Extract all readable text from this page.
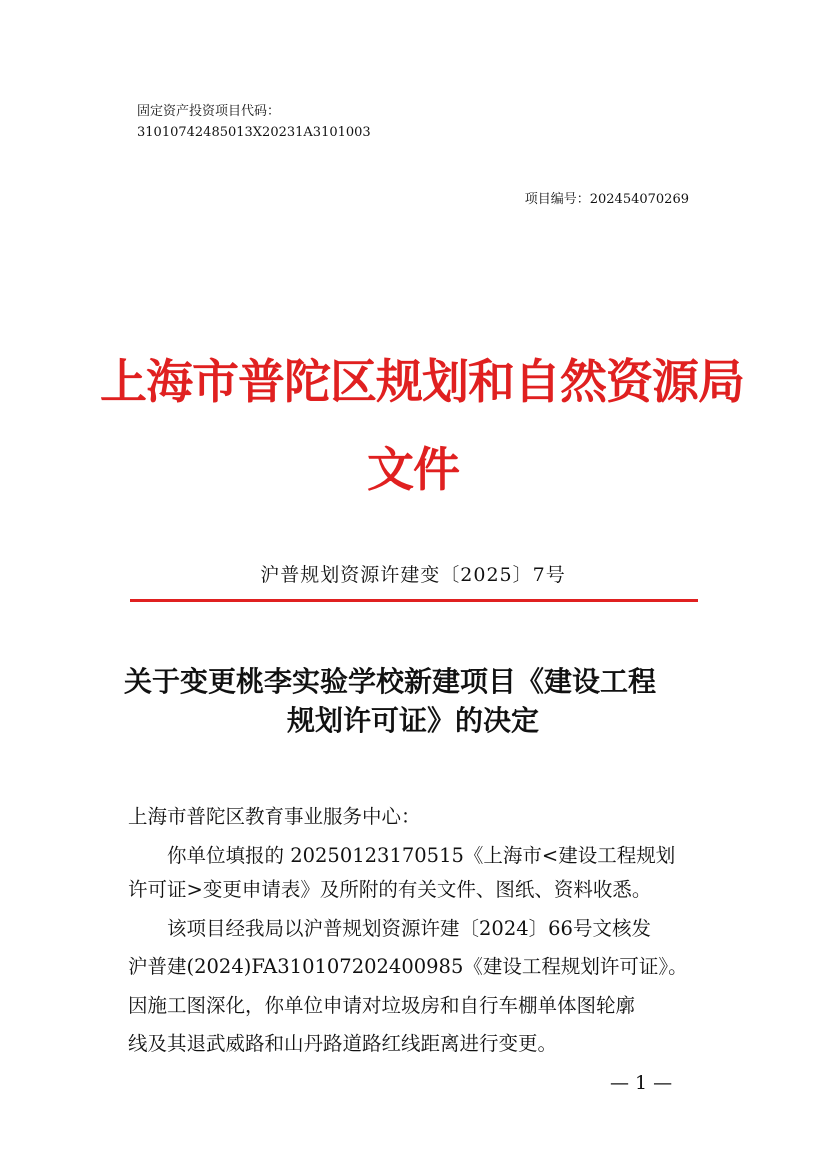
固定资产投资项目代码：
31010742485013X20231A3101003
项目编号：202454070269
上海市普陀区规划和自然资源局
文件
沪普规划资源许建变〔2025〕7号
关于变更桃李实验学校新建项目《建设工程
规划许可证》的决定
上海市普陀区教育事业服务中心：
你单位填报的 20250123170515《上海市<建设工程规划
许可证>变更申请表》及所附的有关文件、图纸、资料收悉。
该项目经我局以沪普规划资源许建〔2024〕66号文核发
沪普建(2024)FA310107202400985《建设工程规划许可证》。
因施工图深化，你单位申请对垃圾房和自行车棚单体图轮廓
线及其退武威路和山丹路道路红线距离进行变更。
— 1 —
